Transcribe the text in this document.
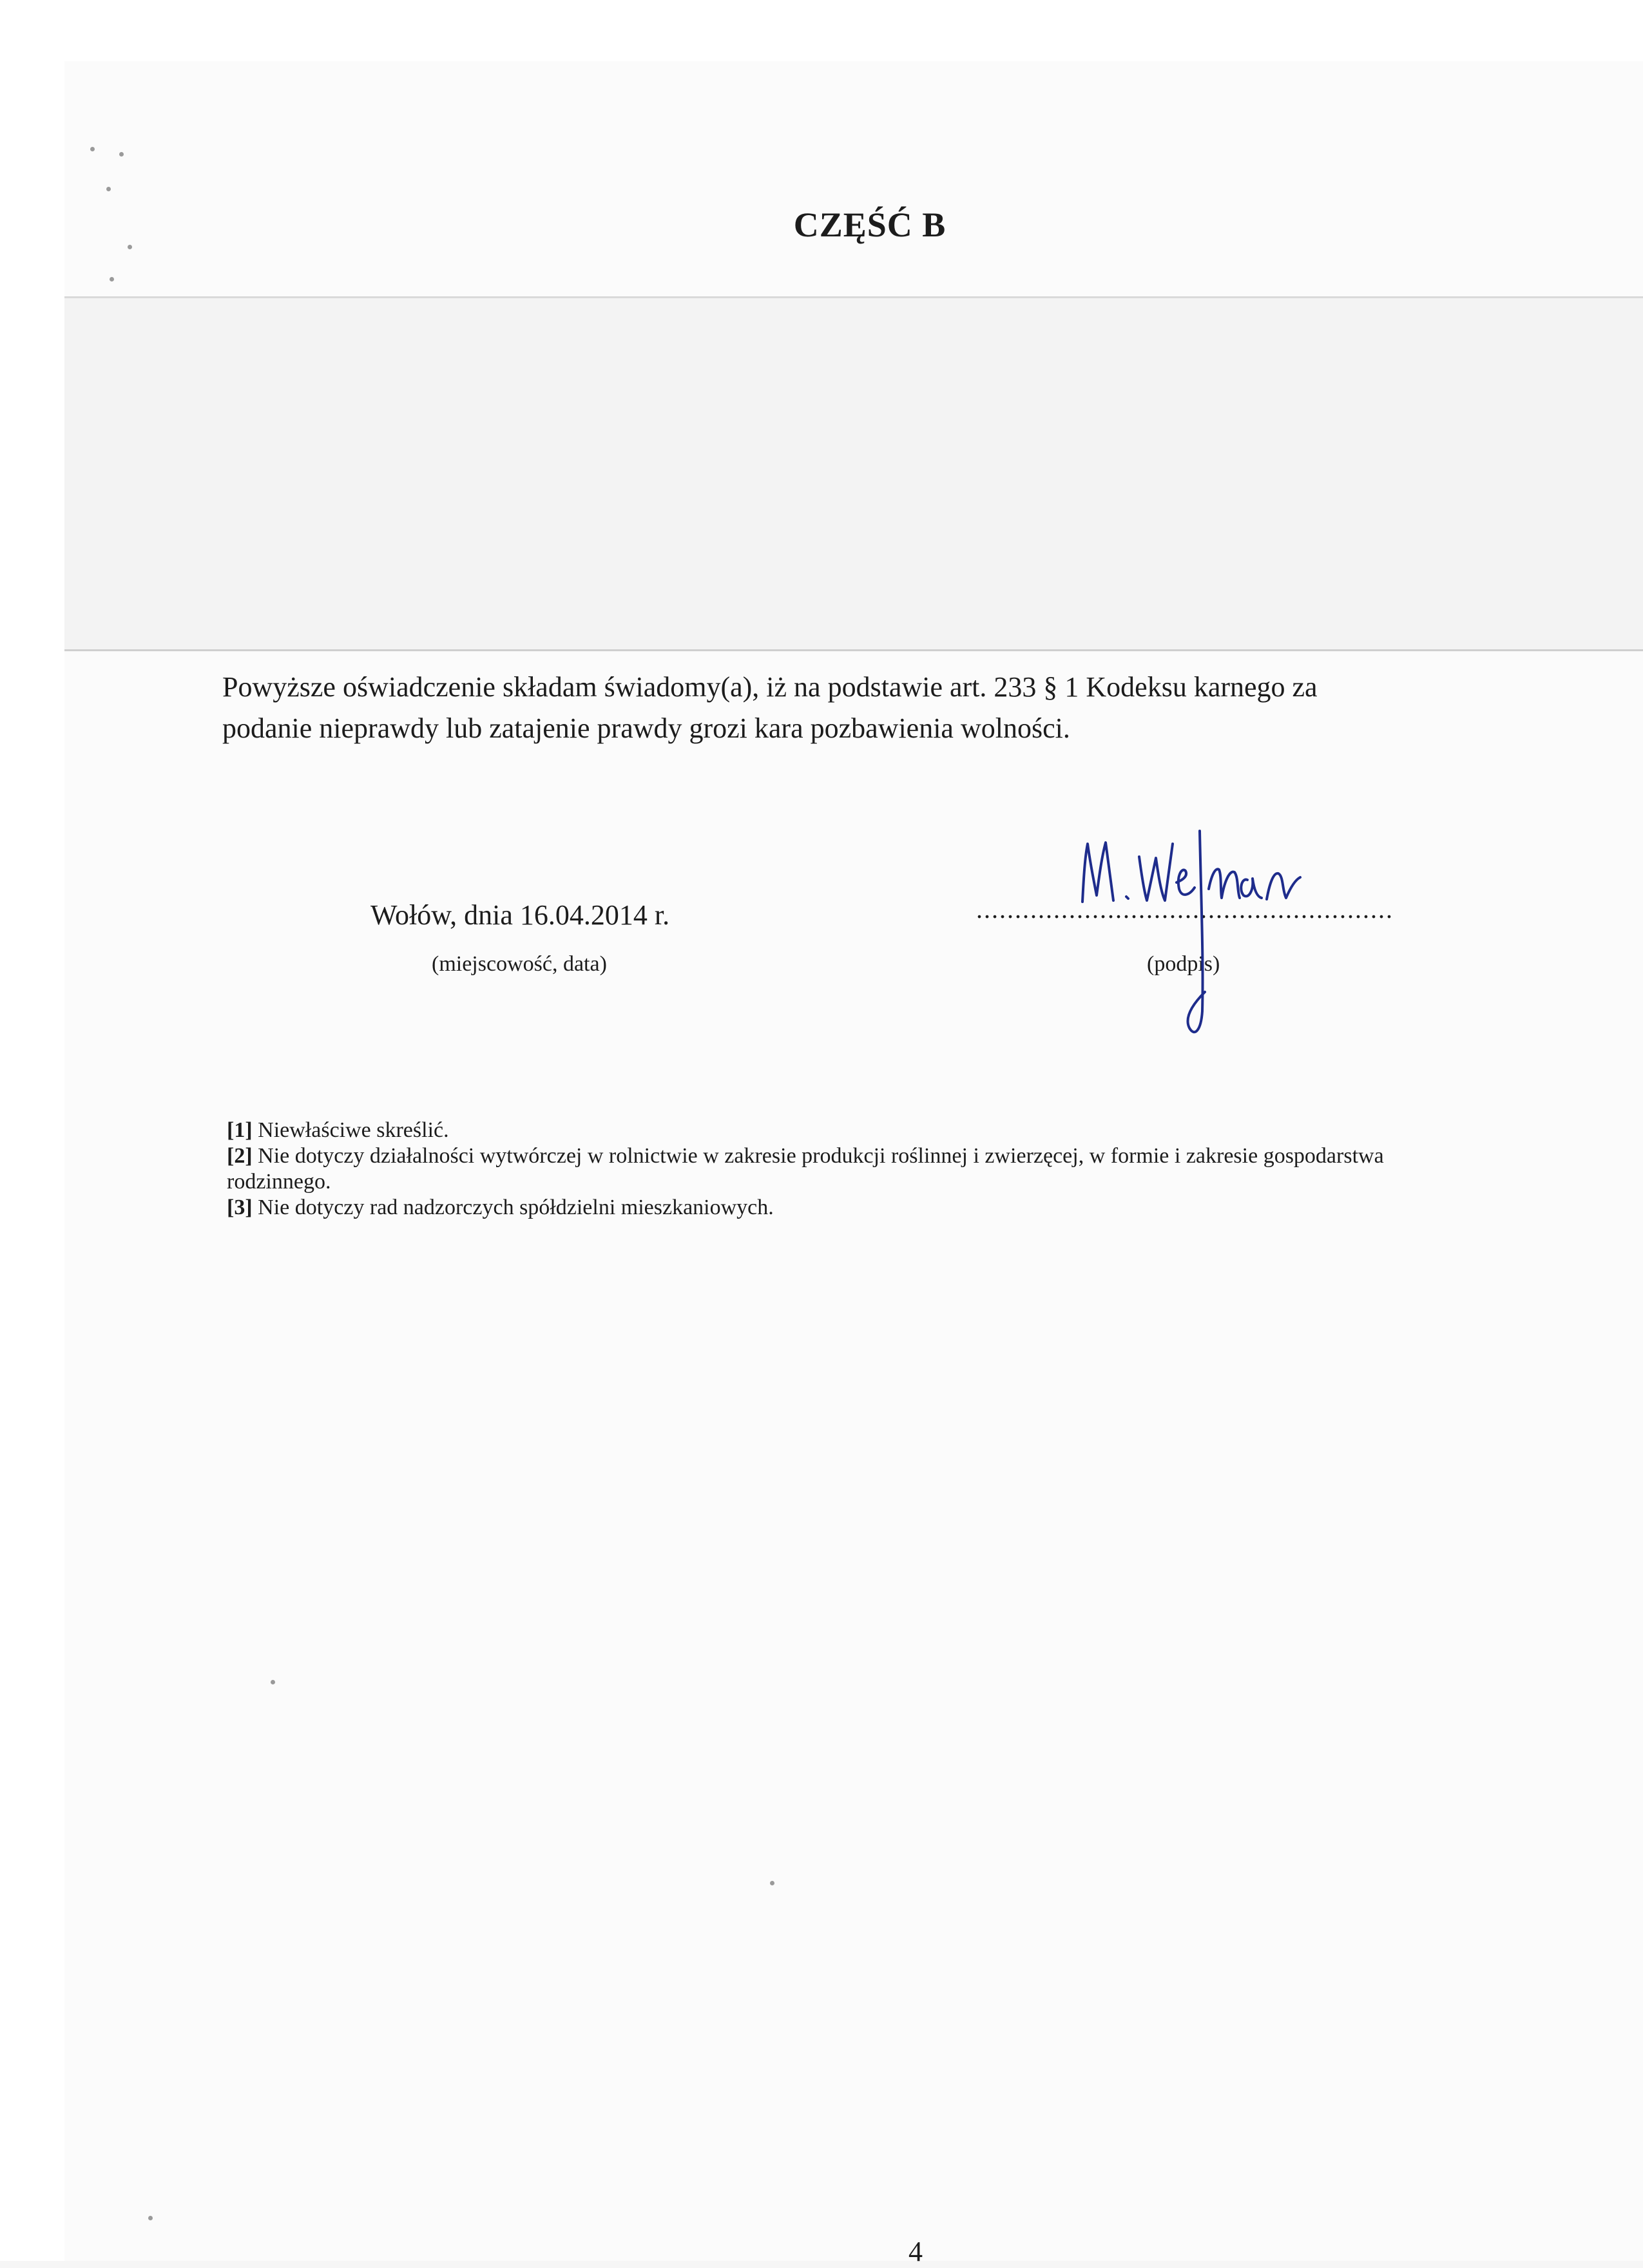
CZĘŚĆ B

Powyższe oświadczenie składam świadomy(a), iż na podstawie art. 233 § 1 Kodeksu karnego za

podanie nieprawdy lub zatajenie prawdy grozi kara pozbawienia wolności.

Wołów, dnia 16.04.2014 r.
(miejscowość, data)
......................................................
(podpis)

[1] Niewłaściwe skreślić.

[2] Nie dotyczy działalności wytwórczej w rolnictwie w zakresie produkcji roślinnej i zwierzęcej, w formie i zakresie gospodarstwa rodzinnego.

[3] Nie dotyczy rad nadzorczych spółdzielni mieszkaniowych.

4
